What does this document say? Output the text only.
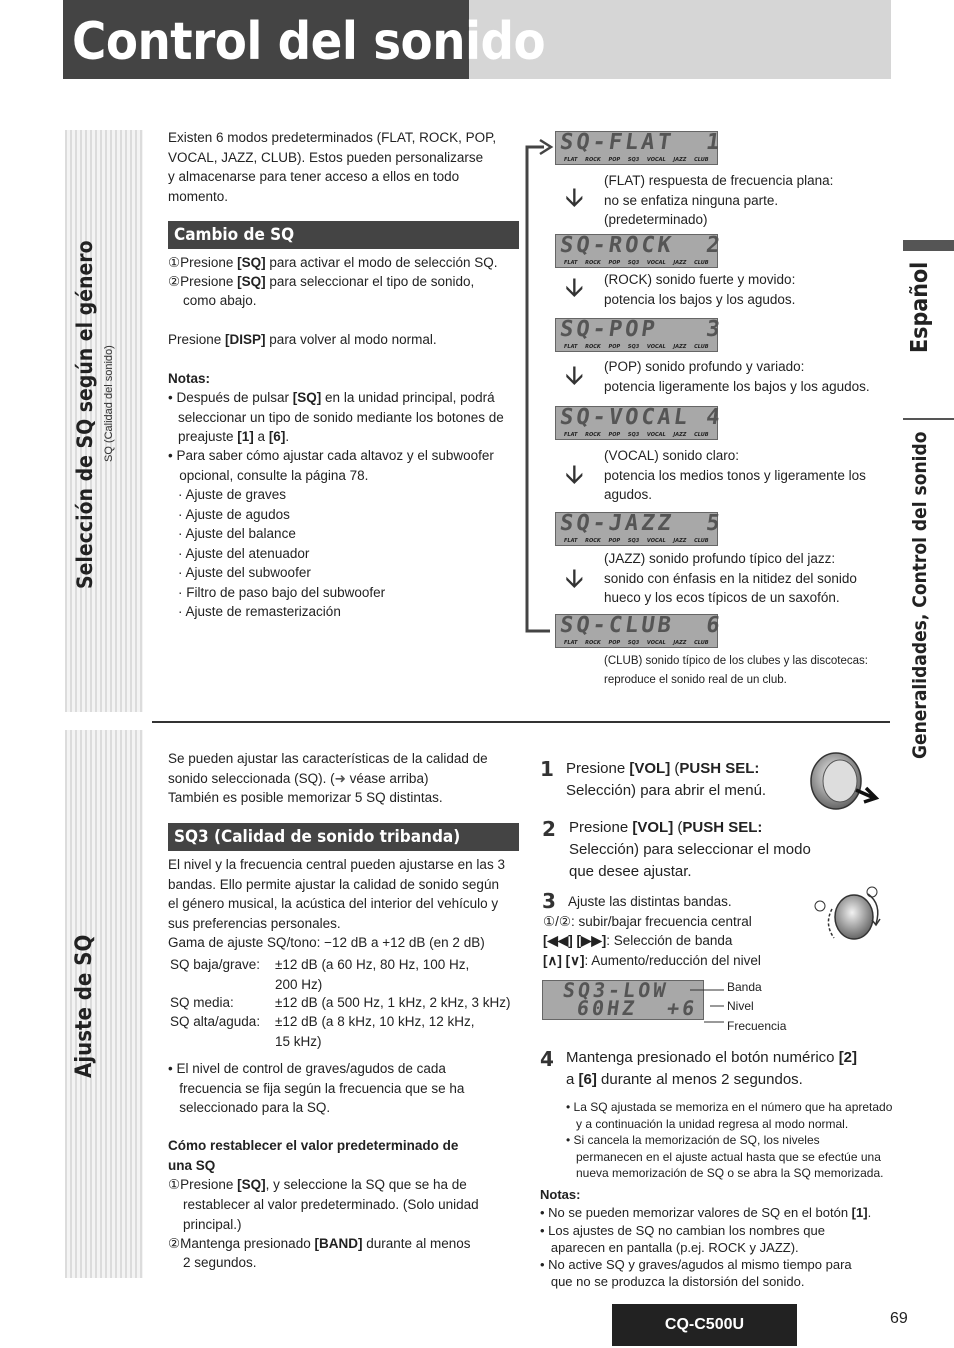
Control del sonido
Selección de SQ según el género SQ (Calidad del sonido)
Ajuste de SQ
Español
Generalidades, Control del sonido
Existen 6 modos predeterminados (FLAT, ROCK, POP,
VOCAL, JAZZ, CLUB). Estos pueden personalizarse
y almacenarse para tener acceso a ellos en todo
momento.
Cambio de SQ
①Presione [SQ] para activar el modo de selección SQ.
②Presione [SQ] para seleccionar el tipo de sonido,
como abajo.
Presione [DISP] para volver al modo normal.
Notas:
• Después de pulsar [SQ] en la unidad principal, podrá
seleccionar un tipo de sonido mediante los botones de
preajuste [1] a [6].
• Para saber cómo ajustar cada altavoz y el subwoofer
opcional, consulte la página 78.
· Ajuste de graves
· Ajuste de agudos
· Ajuste del balance
· Ajuste del atenuador
· Ajuste del subwoofer
· Filtro de paso bajo del subwoofer
· Ajuste de remasterización
SQ-FLAT  1
FLAT ROCK POP SQ3 VOCAL JAZZ CLUB
🡫
(FLAT) respuesta de frecuencia plana:
no se enfatiza ninguna parte.
(predeterminado)
SQ-ROCK  2
FLAT ROCK POP SQ3 VOCAL JAZZ CLUB
🡫 (ROCK) sonido fuerte y movido:
potencia los bajos y los agudos.
SQ-POP   3
FLAT ROCK POP SQ3 VOCAL JAZZ CLUB
🡫 (POP) sonido profundo y variado:
potencia ligeramente los bajos y los agudos.
SQ-VOCAL 4
FLAT ROCK POP SQ3 VOCAL JAZZ CLUB
🡫
(VOCAL) sonido claro:
potencia los medios tonos y ligeramente los
agudos.
SQ-JAZZ  5
FLAT ROCK POP SQ3 VOCAL JAZZ CLUB
🡫
(JAZZ) sonido profundo típico del jazz:
sonido con énfasis en la nitidez del sonido
hueco y los ecos típicos de un saxofón.
SQ-CLUB  6
FLAT ROCK POP SQ3 VOCAL JAZZ CLUB
(CLUB) sonido típico de los clubes y las discotecas:
reproduce el sonido real de un club.
Se pueden ajustar las características de la calidad de
sonido seleccionada (SQ). (➜ véase arriba)
También es posible memorizar 5 SQ distintas.
SQ3 (Calidad de sonido tribanda)
El nivel y la frecuencia central pueden ajustarse en las 3
bandas. Ello permite ajustar la calidad de sonido según
el género musical, la acústica del interior del vehículo y
sus preferencias personales.
Gama de ajuste SQ/tono: −12 dB a +12 dB (en 2 dB)
SQ baja/grave: ±12 dB (a 60 Hz, 80 Hz, 100 Hz,
200 Hz)
SQ media:	±12 dB (a 500 Hz, 1 kHz, 2 kHz, 3 kHz)
SQ alta/aguda: ±12 dB (a 8 kHz, 10 kHz, 12 kHz,
15 kHz)
• El nivel de control de graves/agudos de cada
frecuencia se fija según la frecuencia que se ha
seleccionado para la SQ.
Cómo restablecer el valor predeterminado de
una SQ
①Presione [SQ], y seleccione la SQ que se ha de
restablecer al valor predeterminado. (Solo unidad
principal.)
②Mantenga presionado [BAND] durante al menos
2 segundos.
1 Presione [VOL] (PUSH SEL:
Selección) para abrir el menú.
2 Presione [VOL] (PUSH SEL:
Selección) para seleccionar el modo
que desee ajustar.
3 Ajuste las distintas bandas.
①/②: subir/bajar frecuencia central
[◀◀] [▶▶]: Selección de banda
[∧] [∨]: Aumento/reducción del nivel
SQ3-LOW
60HZ  +6
Banda
Nivel
Frecuencia
4 Mantenga presionado el botón numérico [2]
a [6] durante al menos 2 segundos.
• La SQ ajustada se memoriza en el número que ha apretado
y a continuación la unidad regresa al modo normal.
• Si cancela la memorización de SQ, los niveles
permanecen en el ajuste actual hasta que se efectúe una
nueva memorización de SQ o se abra la SQ memorizada.
Notas:
• No se pueden memorizar valores de SQ en el botón [1].
• Los ajustes de SQ no cambian los nombres que
aparecen en pantalla (p.ej. ROCK y JAZZ).
• No active SQ y graves/agudos al mismo tiempo para
que no se produzca la distorsión del sonido.
CQ-C500U	69
